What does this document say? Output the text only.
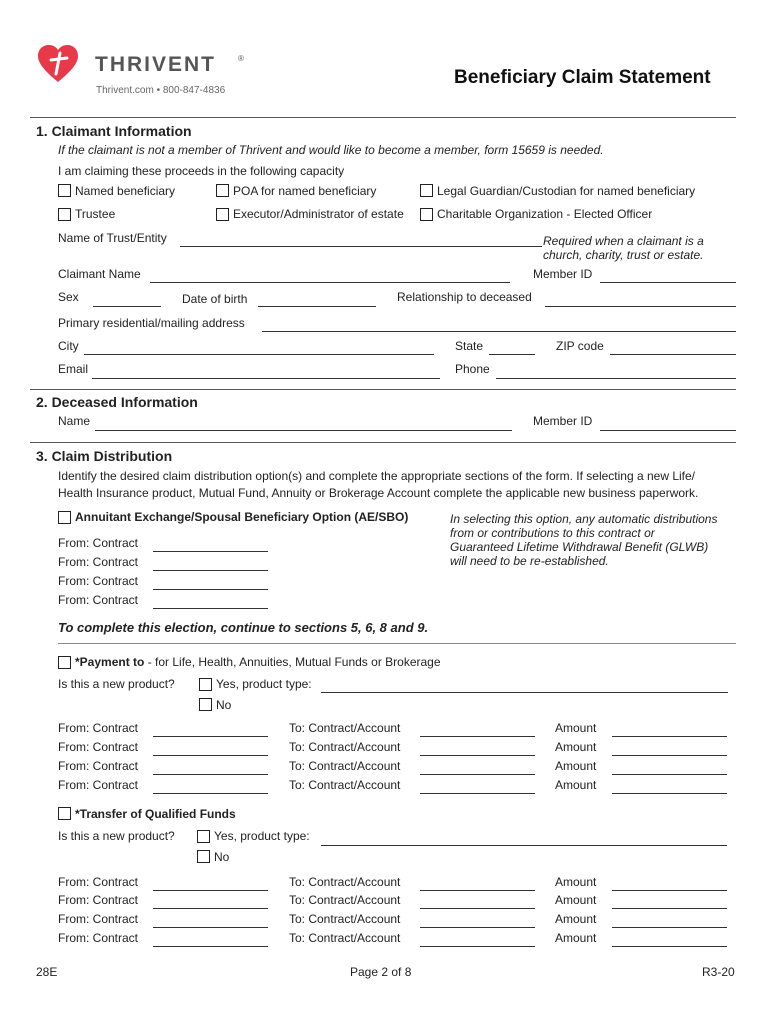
THRIVENT	®
Thrivent.com • 800-847-4836
Beneficiary Claim Statement
1. Claimant Information
If the claimant is not a member of Thrivent and would like to become a member, form 15659 is needed.
I am claiming these proceeds in the following capacity
Named beneficiary	POA for named beneficiary	Legal Guardian/Custodian for named beneficiary
Trustee	Executor/Administrator of estate	Charitable Organization - Elected Officer
Name of Trust/Entity	Required when a claimant is a
church, charity, trust or estate.
Claimant Name	Member ID
Sex	Date of birth	Relationship to deceased
Primary residential/mailing address
City	State	ZIP code
Email	Phone
2. Deceased Information
Name	Member ID
3. Claim Distribution
Identify the desired claim distribution option(s) and complete the appropriate sections of the form. If selecting a new Life/
Health Insurance product, Mutual Fund, Annuity or Brokerage Account complete the applicable new business paperwork.
Annuitant Exchange/Spousal Beneficiary Option (AE/SBO)	In selecting this option, any automatic distributions
from or contributions to this contract or
Guaranteed Lifetime Withdrawal Benefit (GLWB)
will need to be re-established.
From: Contract
From: Contract
From: Contract
From: Contract
To complete this election, continue to sections 5, 6, 8 and 9.
*Payment to - for Life, Health, Annuities, Mutual Funds or Brokerage
Is this a new product?	Yes, product type:
No
From: Contract	To: Contract/Account	Amount
From: Contract	To: Contract/Account	Amount
From: Contract	To: Contract/Account	Amount
From: Contract	To: Contract/Account	Amount
*Transfer of Qualified Funds
Is this a new product?	Yes, product type:
No
From: Contract	To: Contract/Account	Amount
From: Contract	To: Contract/Account	Amount
From: Contract	To: Contract/Account	Amount
From: Contract	To: Contract/Account	Amount
28E	Page 2 of 8	R3-20
